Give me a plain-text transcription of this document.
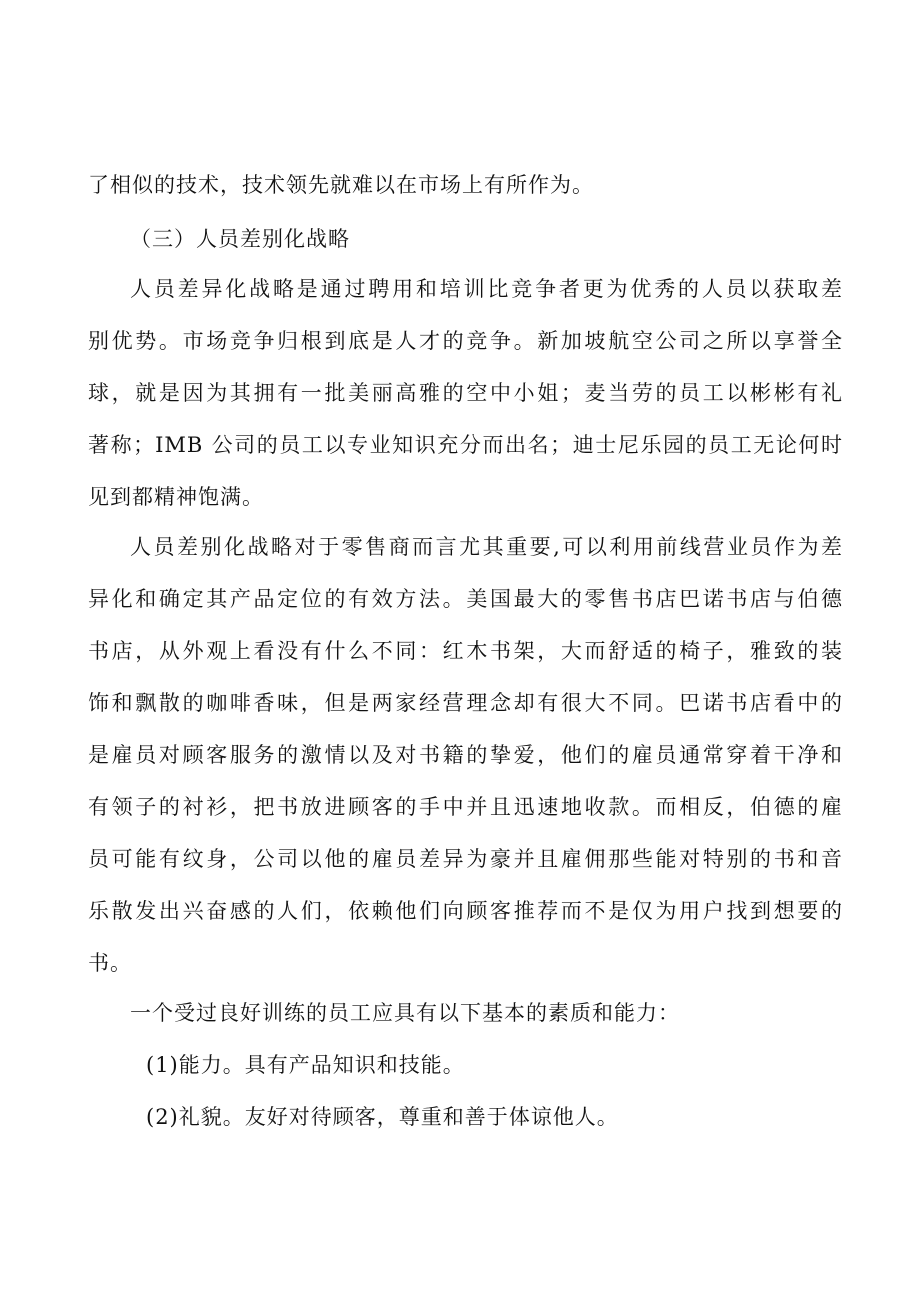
了相似的技术，技术领先就难以在市场上有所作为。
（三）人员差别化战略
人员差异化战略是通过聘用和培训比竞争者更为优秀的人员以获取差
别优势。市场竞争归根到底是人才的竞争。新加坡航空公司之所以享誉全
球，就是因为其拥有一批美丽高雅的空中小姐；麦当劳的员工以彬彬有礼
著称；IMB 公司的员工以专业知识充分而出名；迪士尼乐园的员工无论何时
见到都精神饱满。
人员差别化战略对于零售商而言尤其重要,可以利用前线营业员作为差
异化和确定其产品定位的有效方法。美国最大的零售书店巴诺书店与伯德
书店，从外观上看没有什么不同：红木书架，大而舒适的椅子，雅致的装
饰和飘散的咖啡香味，但是两家经营理念却有很大不同。巴诺书店看中的
是雇员对顾客服务的激情以及对书籍的挚爱，他们的雇员通常穿着干净和
有领子的衬衫，把书放进顾客的手中并且迅速地收款。而相反，伯德的雇
员可能有纹身，公司以他的雇员差异为豪并且雇佣那些能对特别的书和音
乐散发出兴奋感的人们，依赖他们向顾客推荐而不是仅为用户找到想要的
书。
一个受过良好训练的员工应具有以下基本的素质和能力：
(1)能力。具有产品知识和技能。
(2)礼貌。友好对待顾客，尊重和善于体谅他人。
